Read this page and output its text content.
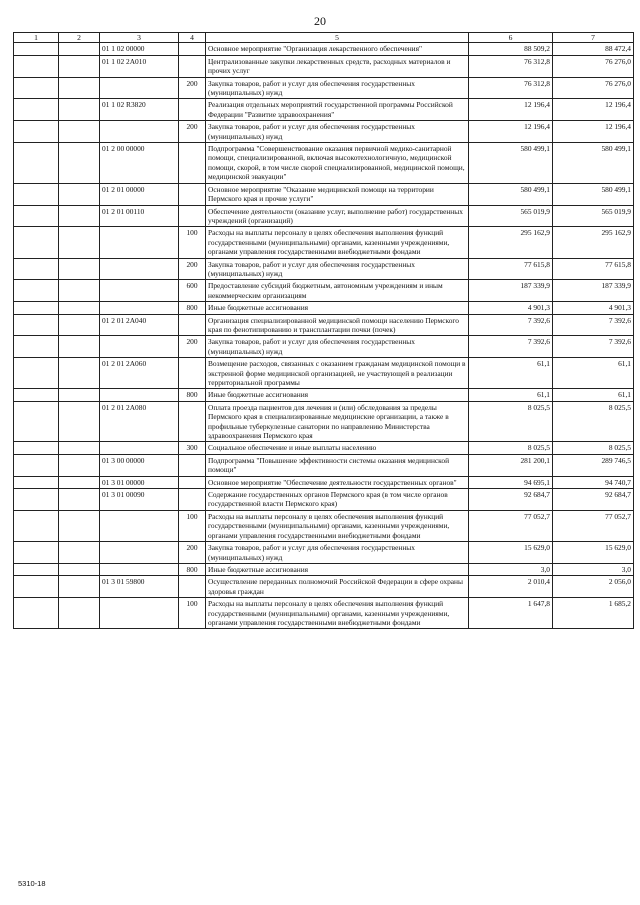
20
1	2	3	4	5	6	7
		01 1 02 00000		Основное мероприятие "Организация лекарственного обеспечения"	88 509,2	88 472,4
		01 1 02 2А010		Централизованные закупки лекарственных средств, расходных материалов и прочих услуг	76 312,8	76 276,0
			200	Закупка товаров, работ и услуг для обеспечения государственных (муниципальных) нужд	76 312,8	76 276,0
		01 1 02 R3820		Реализация отдельных мероприятий государственной программы Российской Федерации "Развитие здравоохранения"	12 196,4	12 196,4
			200	Закупка товаров, работ и услуг для обеспечения государственных (муниципальных) нужд	12 196,4	12 196,4
		01 2 00 00000		Подпрограмма "Совершенствование оказания первичной медико-санитарной помощи, специализированной, включая высокотехнологичную, медицинской помощи, скорой, в том числе скорой специализированной, медицинской помощи, медицинской эвакуации"	580 499,1	580 499,1
		01 2 01 00000		Основное мероприятие "Оказание медицинской помощи на территории Пермского края и прочие услуги"	580 499,1	580 499,1
		01 2 01 00110		Обеспечение деятельности (оказание услуг, выполнение работ) государственных учреждений (организаций)	565 019,9	565 019,9
			100	Расходы на выплаты персоналу в целях обеспечения выполнения функций государственными (муниципальными) органами, казенными учреждениями, органами управления государственными внебюджетными фондами	295 162,9	295 162,9
			200	Закупка товаров, работ и услуг для обеспечения государственных (муниципальных) нужд	77 615,8	77 615,8
			600	Предоставление субсидий бюджетным, автономным учреждениям и иным некоммерческим организациям	187 339,9	187 339,9
			800	Иные бюджетные ассигнования	4 901,3	4 901,3
		01 2 01 2А040		Организация специализированной медицинской помощи населению Пермского края по фенотипированию и трансплантации почки (почек)	7 392,6	7 392,6
			200	Закупка товаров, работ и услуг для обеспечения государственных (муниципальных) нужд	7 392,6	7 392,6
		01 2 01 2А060		Возмещение расходов, связанных с оказанием гражданам медицинской помощи в экстренной форме медицинской организацией, не участвующей в реализации территориальной программы	61,1	61,1
			800	Иные бюджетные ассигнования	61,1	61,1
		01 2 01 2А080		Оплата проезда пациентов для лечения и (или) обследования за пределы Пермского края в специализированные медицинские организации, а также в профильные туберкулезные санатории по направлению Министерства здравоохранения Пермского края	8 025,5	8 025,5
			300	Социальное обеспечение и иные выплаты населению	8 025,5	8 025,5
		01 3 00 00000		Подпрограмма "Повышение эффективности системы оказания медицинской помощи"	281 200,1	289 746,5
		01 3 01 00000		Основное мероприятие "Обеспечение деятельности государственных органов"	94 695,1	94 740,7
		01 3 01 00090		Содержание государственных органов Пермского края (в том числе органов государственной власти Пермского края)	92 684,7	92 684,7
			100	Расходы на выплаты персоналу в целях обеспечения выполнения функций государственными (муниципальными) органами, казенными учреждениями, органами управления государственными внебюджетными фондами	77 052,7	77 052,7
			200	Закупка товаров, работ и услуг для обеспечения государственных (муниципальных) нужд	15 629,0	15 629,0
			800	Иные бюджетные ассигнования	3,0	3,0
		01 3 01 59800		Осуществление переданных полномочий Российской Федерации в сфере охраны здоровья граждан	2 010,4	2 056,0
			100	Расходы на выплаты персоналу в целях обеспечения выполнения функций государственными (муниципальными) органами, казенными учреждениями, органами управления государственными внебюджетными фондами	1 647,8	1 685,2
5310-18
